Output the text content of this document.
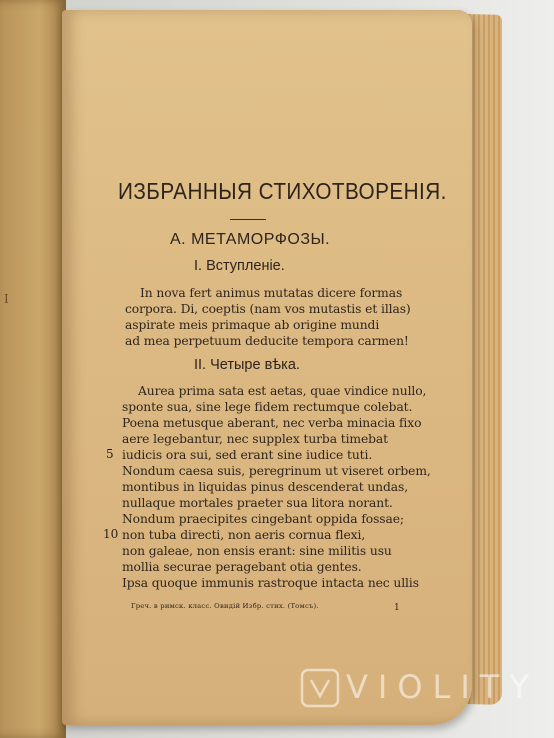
I
ИЗБРАННЫЯ СТИХОТВОРЕНІЯ.
А. МЕТАМОРФОЗЫ.
I. Вступленіе.
In nova fert animus mutatas dicere formas
corpora. Di, coeptis (nam vos mutastis et illas)
aspirate meis primaque ab origine mundi
ad mea perpetuum deducite tempora carmen!
II. Четыре вѣка.
Aurea prima sata est aetas, quae vindice nullo,
sponte sua, sine lege fidem rectumque colebat.
Poena metusque aberant, nec verba minacia fixo
aere legebantur, nec supplex turba timebat
5 iudicis ora sui, sed erant sine iudice tuti.
Nondum caesa suis, peregrinum ut viseret orbem,
montibus in liquidas pinus descenderat undas,
nullaque mortales praeter sua litora norant.
Nondum praecipites cingebant oppida fossae;
10 non tuba directi, non aeris cornua flexi,
non galeae, non ensis erant: sine militis usu
mollia securae peragebant otia gentes.
Ipsa quoque immunis rastroque intacta nec ullis
Греч. в римск. класс. Овидій Избр. стих. (Томсъ).	1
VIOLITY
